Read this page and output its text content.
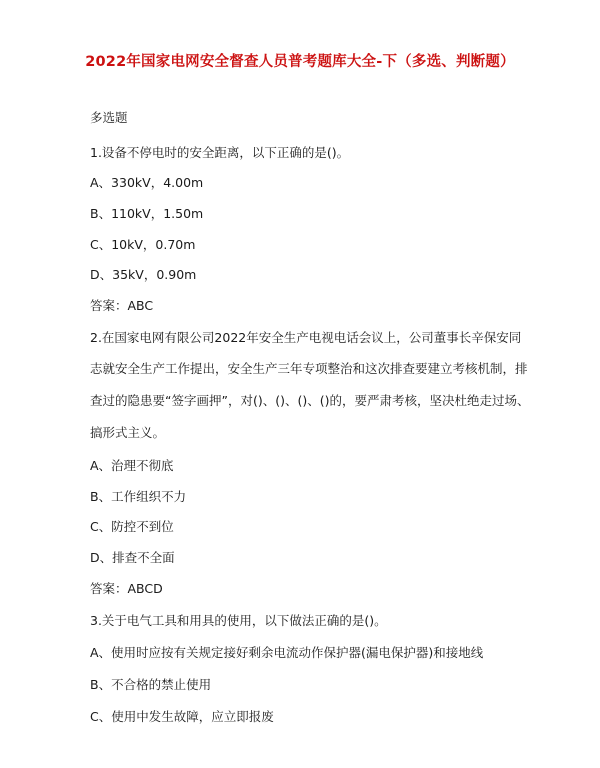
2022年国家电网安全督查人员普考题库大全-下（多选、判断题）
多选题
1.设备不停电时的安全距离，以下正确的是()。
A、330kV，4.00m
B、110kV，1.50m
C、10kV，0.70m
D、35kV，0.90m
答案：ABC
2.在国家电网有限公司2022年安全生产电视电话会议上，公司董事长辛保安同
志就安全生产工作提出，安全生产三年专项整治和这次排查要建立考核机制，排
查过的隐患要“签字画押”，对()、()、()、()的，要严肃考核，坚决杜绝走过场、
搞形式主义。
A、治理不彻底
B、工作组织不力
C、防控不到位
D、排查不全面
答案：ABCD
3.关于电气工具和用具的使用，以下做法正确的是()。
A、使用时应按有关规定接好剩余电流动作保护器(漏电保护器)和接地线
B、不合格的禁止使用
C、使用中发生故障，应立即报废
